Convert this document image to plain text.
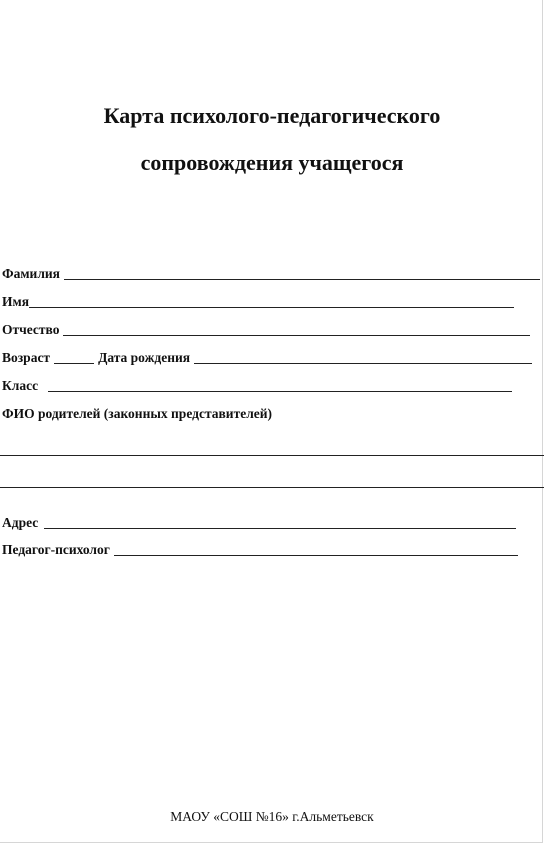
Карта психолого-педагогического
сопровождения учащегося
Фамилия
Имя
Отчество
Возраст	Дата рождения
Класс
ФИО родителей (законных представителей)
Адрес
Педагог-психолог
МАОУ «СОШ №16» г.Альметьевск
